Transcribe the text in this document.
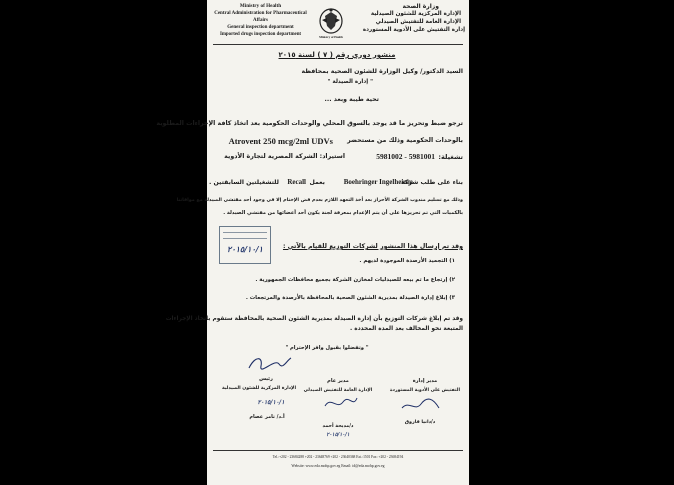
Ministry of Health
Central Administration for Pharmaceutical
Affairs
General inspection department
Imported drugs inspection department	Ministry of Health
وزارة الصحة
الإدارة المركزية للشئون الصيدلية
الإدارة العامة للتفتيش الصيدلي
إدارة التفتيش على الأدوية المستوردة
منشور دوري رقم ( ٧ ) لسنة ٢٠١٥
السيد الدكتور/ وكيل الوزارة للشئون الصحية بمحافظة
" إدارة الصيدلة "
تحية طيبة وبعد ...
ترجو ضبط وتحريز ما قد يوجد بالسوق المحلي والوحدات الحكومية بعد اتخاذ كافة الإجراءات المطلوبة
بالوحدات الحكومية وذلك من مستحضر
Atrovent 250 mcg/2ml UDVs
تشغيلة:
5981002 - 5981001
استيراد: الشركة المصرية لتجارة الأدوية
بناء على طلب شركة
Boehringer Ingelheium
بعمل
Recall
للتشغيلتين السابقتين .
وذلك مع تسليم مندوب الشركة الأحراز بعد أخذ التعهد اللازم بعدم فض الإختام إلا في وجود أحد مفتشي الصيدلة مع موافاتنا
بالكميات التي تم تحريزها على أن يتم الإعدام بمعرفة لجنة يكون أحد أعضائها من مفتشي الصيدلة .
٢٠١٥/١٠/١	وقد تم إرسال هذا المنشور لشركات التوزيع للقيام بالآتي :
١) التجميد الأرصدة الموجودة لديهم .
٢) إرتجاع ما تم بيعه للصيدليات لمخازن الشركة بجميع محافظات الجمهورية .
٣) إبلاغ إدارة الصيدلة بمديرية الشئون الصحية بالمحافظة بالأرصدة والمرتجعات .
وقد تم إبلاغ شركات التوزيع بأن إدارة الصيدلة بمديرية الشئون الصحية بالمحافظة ستقوم باتخاذ الإجراءات
المتبعة نحو المخالف بعد المدة المحددة .
" وتفضلوا بقبول وافر الإحترام "
رئيس
الإدارة المركزية للشئون الصيدلية
٢٠١٥/١٠/١
أ.د/ تامر عصام
مدير عام
الإدارة العامة للتفتيش الصيدلي
د/مديحة أحمد
٢٠١٥/١٠/١
مدير إدارة
التفتيش على الأدوية المستوردة
د/دانيا فاروق
Tel.:+202 - 23684288 +202 - 23648769 +202 - 23640368 Ext.:1501 Fax: +202 - 23684194
Website: www.eda.mohp.gov.eg Email: id@eda.mohp.gov.eg
